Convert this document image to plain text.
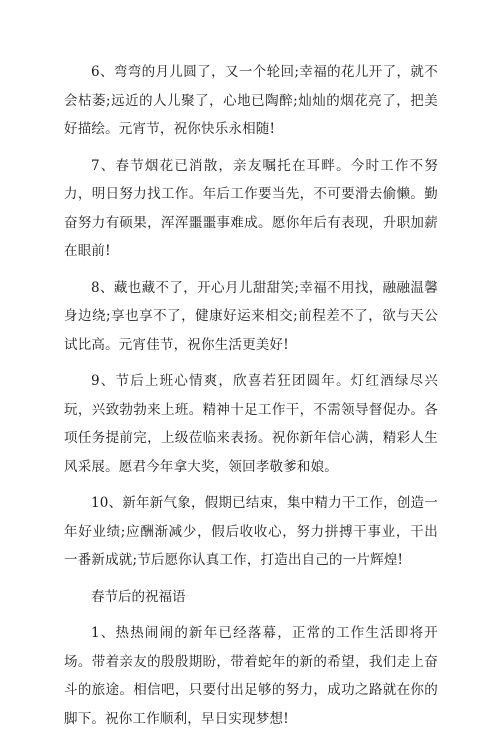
6、弯弯的月儿圆了，又一个轮回;幸福的花儿开了，就不会枯萎;远近的人儿聚了，心地已陶醉;灿灿的烟花亮了，把美好描绘。元宵节，祝你快乐永相随!

7、春节烟花已消散，亲友嘱托在耳畔。今时工作不努力，明日努力找工作。年后工作要当先，不可要滑去偷懒。勤奋努力有硕果，浑浑噩噩事难成。愿你年后有表现，升职加薪在眼前!

8、藏也藏不了，开心月儿甜甜笑;幸福不用找，融融温馨身边绕;享也享不了，健康好运来相交;前程差不了，欲与天公试比高。元宵佳节，祝你生活更美好!

9、节后上班心情爽，欣喜若狂团圆年。灯红酒绿尽兴玩，兴致勃勃来上班。精神十足工作干，不需领导督促办。各项任务提前完，上级莅临来表扬。祝你新年信心满，精彩人生风采展。愿君今年拿大奖，领回孝敬爹和娘。

10、新年新气象，假期已结束，集中精力干工作，创造一年好业绩;应酬渐减少，假后收收心，努力拼搏干事业，干出一番新成就;节后愿你认真工作，打造出自己的一片辉煌!

春节后的祝福语

1、热热闹闹的新年已经落幕，正常的工作生活即将开场。带着亲友的殷殷期盼，带着蛇年的新的希望，我们走上奋斗的旅途。相信吧，只要付出足够的努力，成功之路就在你的脚下。祝你工作顺利，早日实现梦想!
